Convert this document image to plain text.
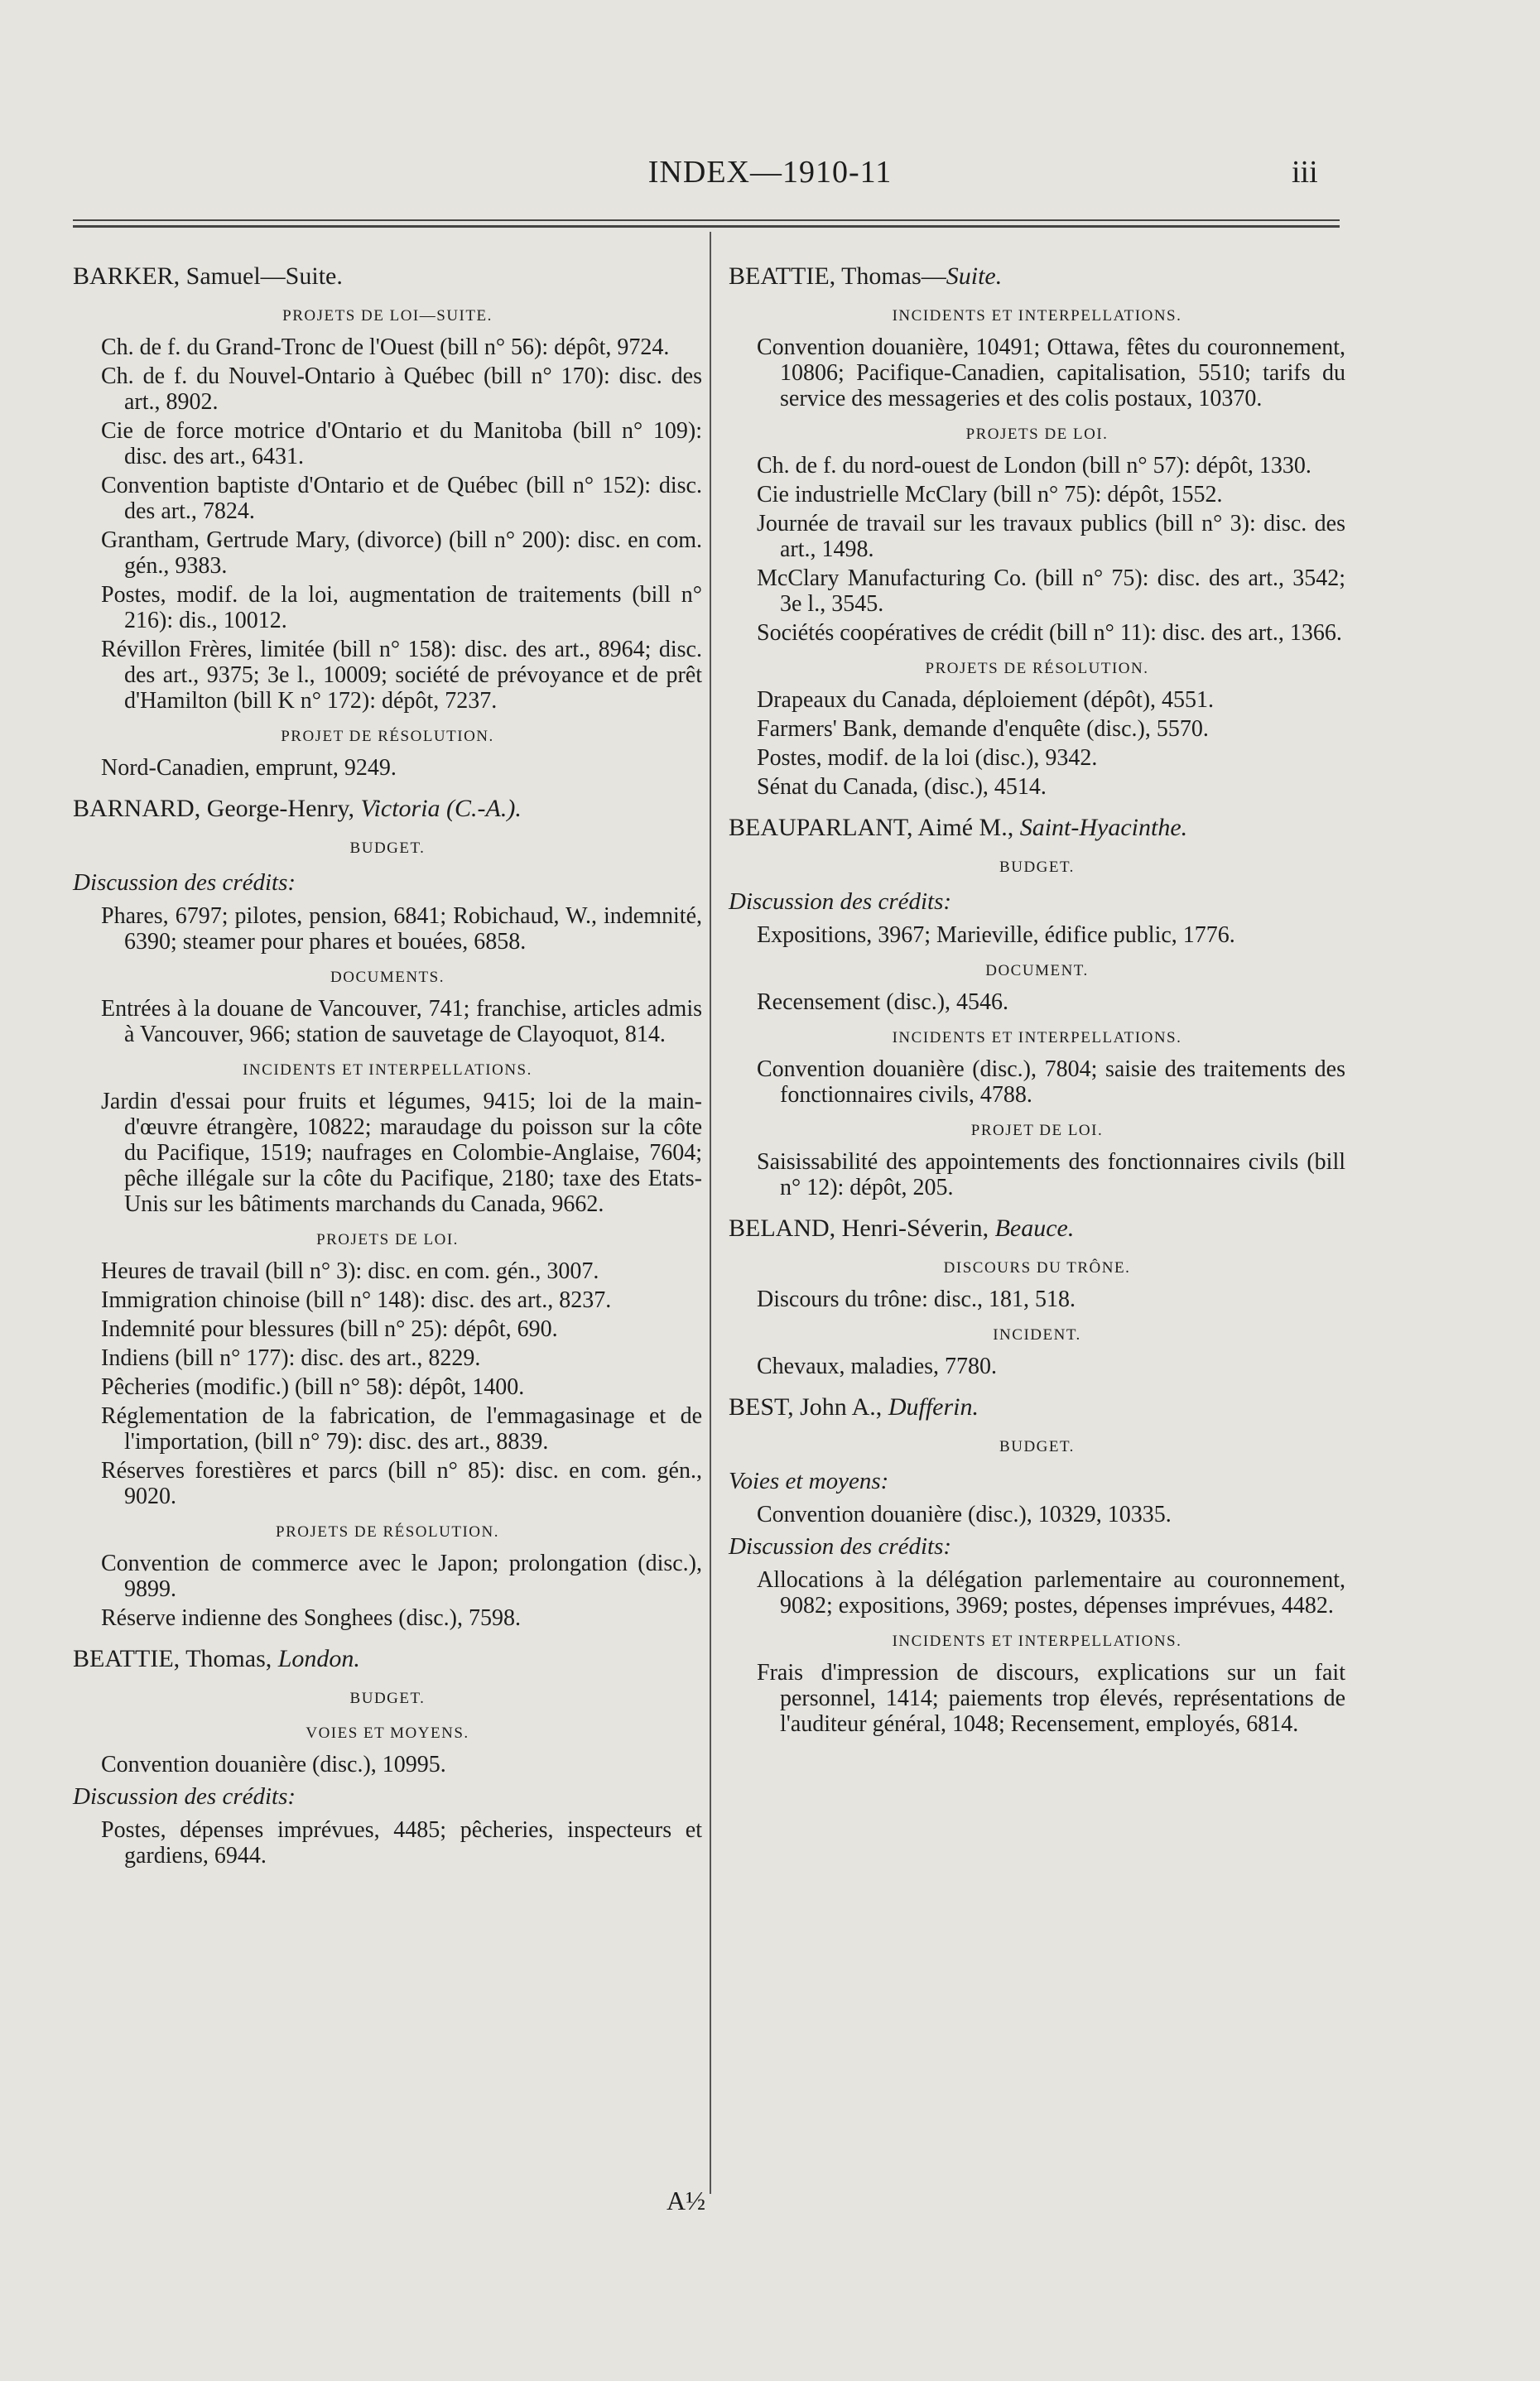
INDEX—1910-11	iii
BARKER, Samuel—Suite.
PROJETS DE LOI—SUITE.
Ch. de f. du Grand-Tronc de l'Ouest (bill n° 56): dépôt, 9724.
Ch. de f. du Nouvel-Ontario à Québec (bill n° 170): disc. des art., 8902.
Cie de force motrice d'Ontario et du Manitoba (bill n° 109): disc. des art., 6431.
Convention baptiste d'Ontario et de Québec (bill n° 152): disc. des art., 7824.
Grantham, Gertrude Mary, (divorce) (bill n° 200): disc. en com. gén., 9383.
Postes, modif. de la loi, augmentation de traitements (bill n° 216): dis., 10012.
Révillon Frères, limitée (bill n° 158): disc. des art., 8964; disc. des art., 9375; 3e l., 10009; société de prévoyance et de prêt d'Hamilton (bill K n° 172): dépôt, 7237.
PROJET DE RÉSOLUTION.
Nord-Canadien, emprunt, 9249.
BARNARD, George-Henry, Victoria (C.-A.).
BUDGET.
Discussion des crédits:
Phares, 6797; pilotes, pension, 6841; Robichaud, W., indemnité, 6390; steamer pour phares et bouées, 6858.
DOCUMENTS.
Entrées à la douane de Vancouver, 741; franchise, articles admis à Vancouver, 966; station de sauvetage de Clayoquot, 814.
INCIDENTS ET INTERPELLATIONS.
Jardin d'essai pour fruits et légumes, 9415; loi de la main-d'œuvre étrangère, 10822; maraudage du poisson sur la côte du Pacifique, 1519; naufrages en Colombie-Anglaise, 7604; pêche illégale sur la côte du Pacifique, 2180; taxe des Etats-Unis sur les bâtiments marchands du Canada, 9662.
PROJETS DE LOI.
Heures de travail (bill n° 3): disc. en com. gén., 3007.
Immigration chinoise (bill n° 148): disc. des art., 8237.
Indemnité pour blessures (bill n° 25): dépôt, 690.
Indiens (bill n° 177): disc. des art., 8229.
Pêcheries (modific.) (bill n° 58): dépôt, 1400.
Réglementation de la fabrication, de l'emmagasinage et de l'importation, (bill n° 79): disc. des art., 8839.
Réserves forestières et parcs (bill n° 85): disc. en com. gén., 9020.
PROJETS DE RÉSOLUTION.
Convention de commerce avec le Japon; prolongation (disc.), 9899.
Réserve indienne des Songhees (disc.), 7598.
BEATTIE, Thomas, London.
BUDGET.
VOIES ET MOYENS.
Convention douanière (disc.), 10995.
Discussion des crédits:
Postes, dépenses imprévues, 4485; pêcheries, inspecteurs et gardiens, 6944.
BEATTIE, Thomas—Suite.
INCIDENTS ET INTERPELLATIONS.
Convention douanière, 10491; Ottawa, fêtes du couronnement, 10806; Pacifique-Canadien, capitalisation, 5510; tarifs du service des messageries et des colis postaux, 10370.
PROJETS DE LOI.
Ch. de f. du nord-ouest de London (bill n° 57): dépôt, 1330.
Cie industrielle McClary (bill n° 75): dépôt, 1552.
Journée de travail sur les travaux publics (bill n° 3): disc. des art., 1498.
McClary Manufacturing Co. (bill n° 75): disc. des art., 3542; 3e l., 3545.
Sociétés coopératives de crédit (bill n° 11): disc. des art., 1366.
PROJETS DE RÉSOLUTION.
Drapeaux du Canada, déploiement (dépôt), 4551.
Farmers' Bank, demande d'enquête (disc.), 5570.
Postes, modif. de la loi (disc.), 9342.
Sénat du Canada, (disc.), 4514.
BEAUPARLANT, Aimé M., Saint-Hyacinthe.
BUDGET.
Discussion des crédits:
Expositions, 3967; Marieville, édifice public, 1776.
DOCUMENT.
Recensement (disc.), 4546.
INCIDENTS ET INTERPELLATIONS.
Convention douanière (disc.), 7804; saisie des traitements des fonctionnaires civils, 4788.
PROJET DE LOI.
Saisissabilité des appointements des fonctionnaires civils (bill n° 12): dépôt, 205.
BELAND, Henri-Séverin, Beauce.
DISCOURS DU TRÔNE.
Discours du trône: disc., 181, 518.
INCIDENT.
Chevaux, maladies, 7780.
BEST, John A., Dufferin.
BUDGET.
Voies et moyens:
Convention douanière (disc.), 10329, 10335.
Discussion des crédits:
Allocations à la délégation parlementaire au couronnement, 9082; expositions, 3969; postes, dépenses imprévues, 4482.
INCIDENTS ET INTERPELLATIONS.
Frais d'impression de discours, explications sur un fait personnel, 1414; paiements trop élevés, représentations de l'auditeur général, 1048; Recensement, employés, 6814.
A½
